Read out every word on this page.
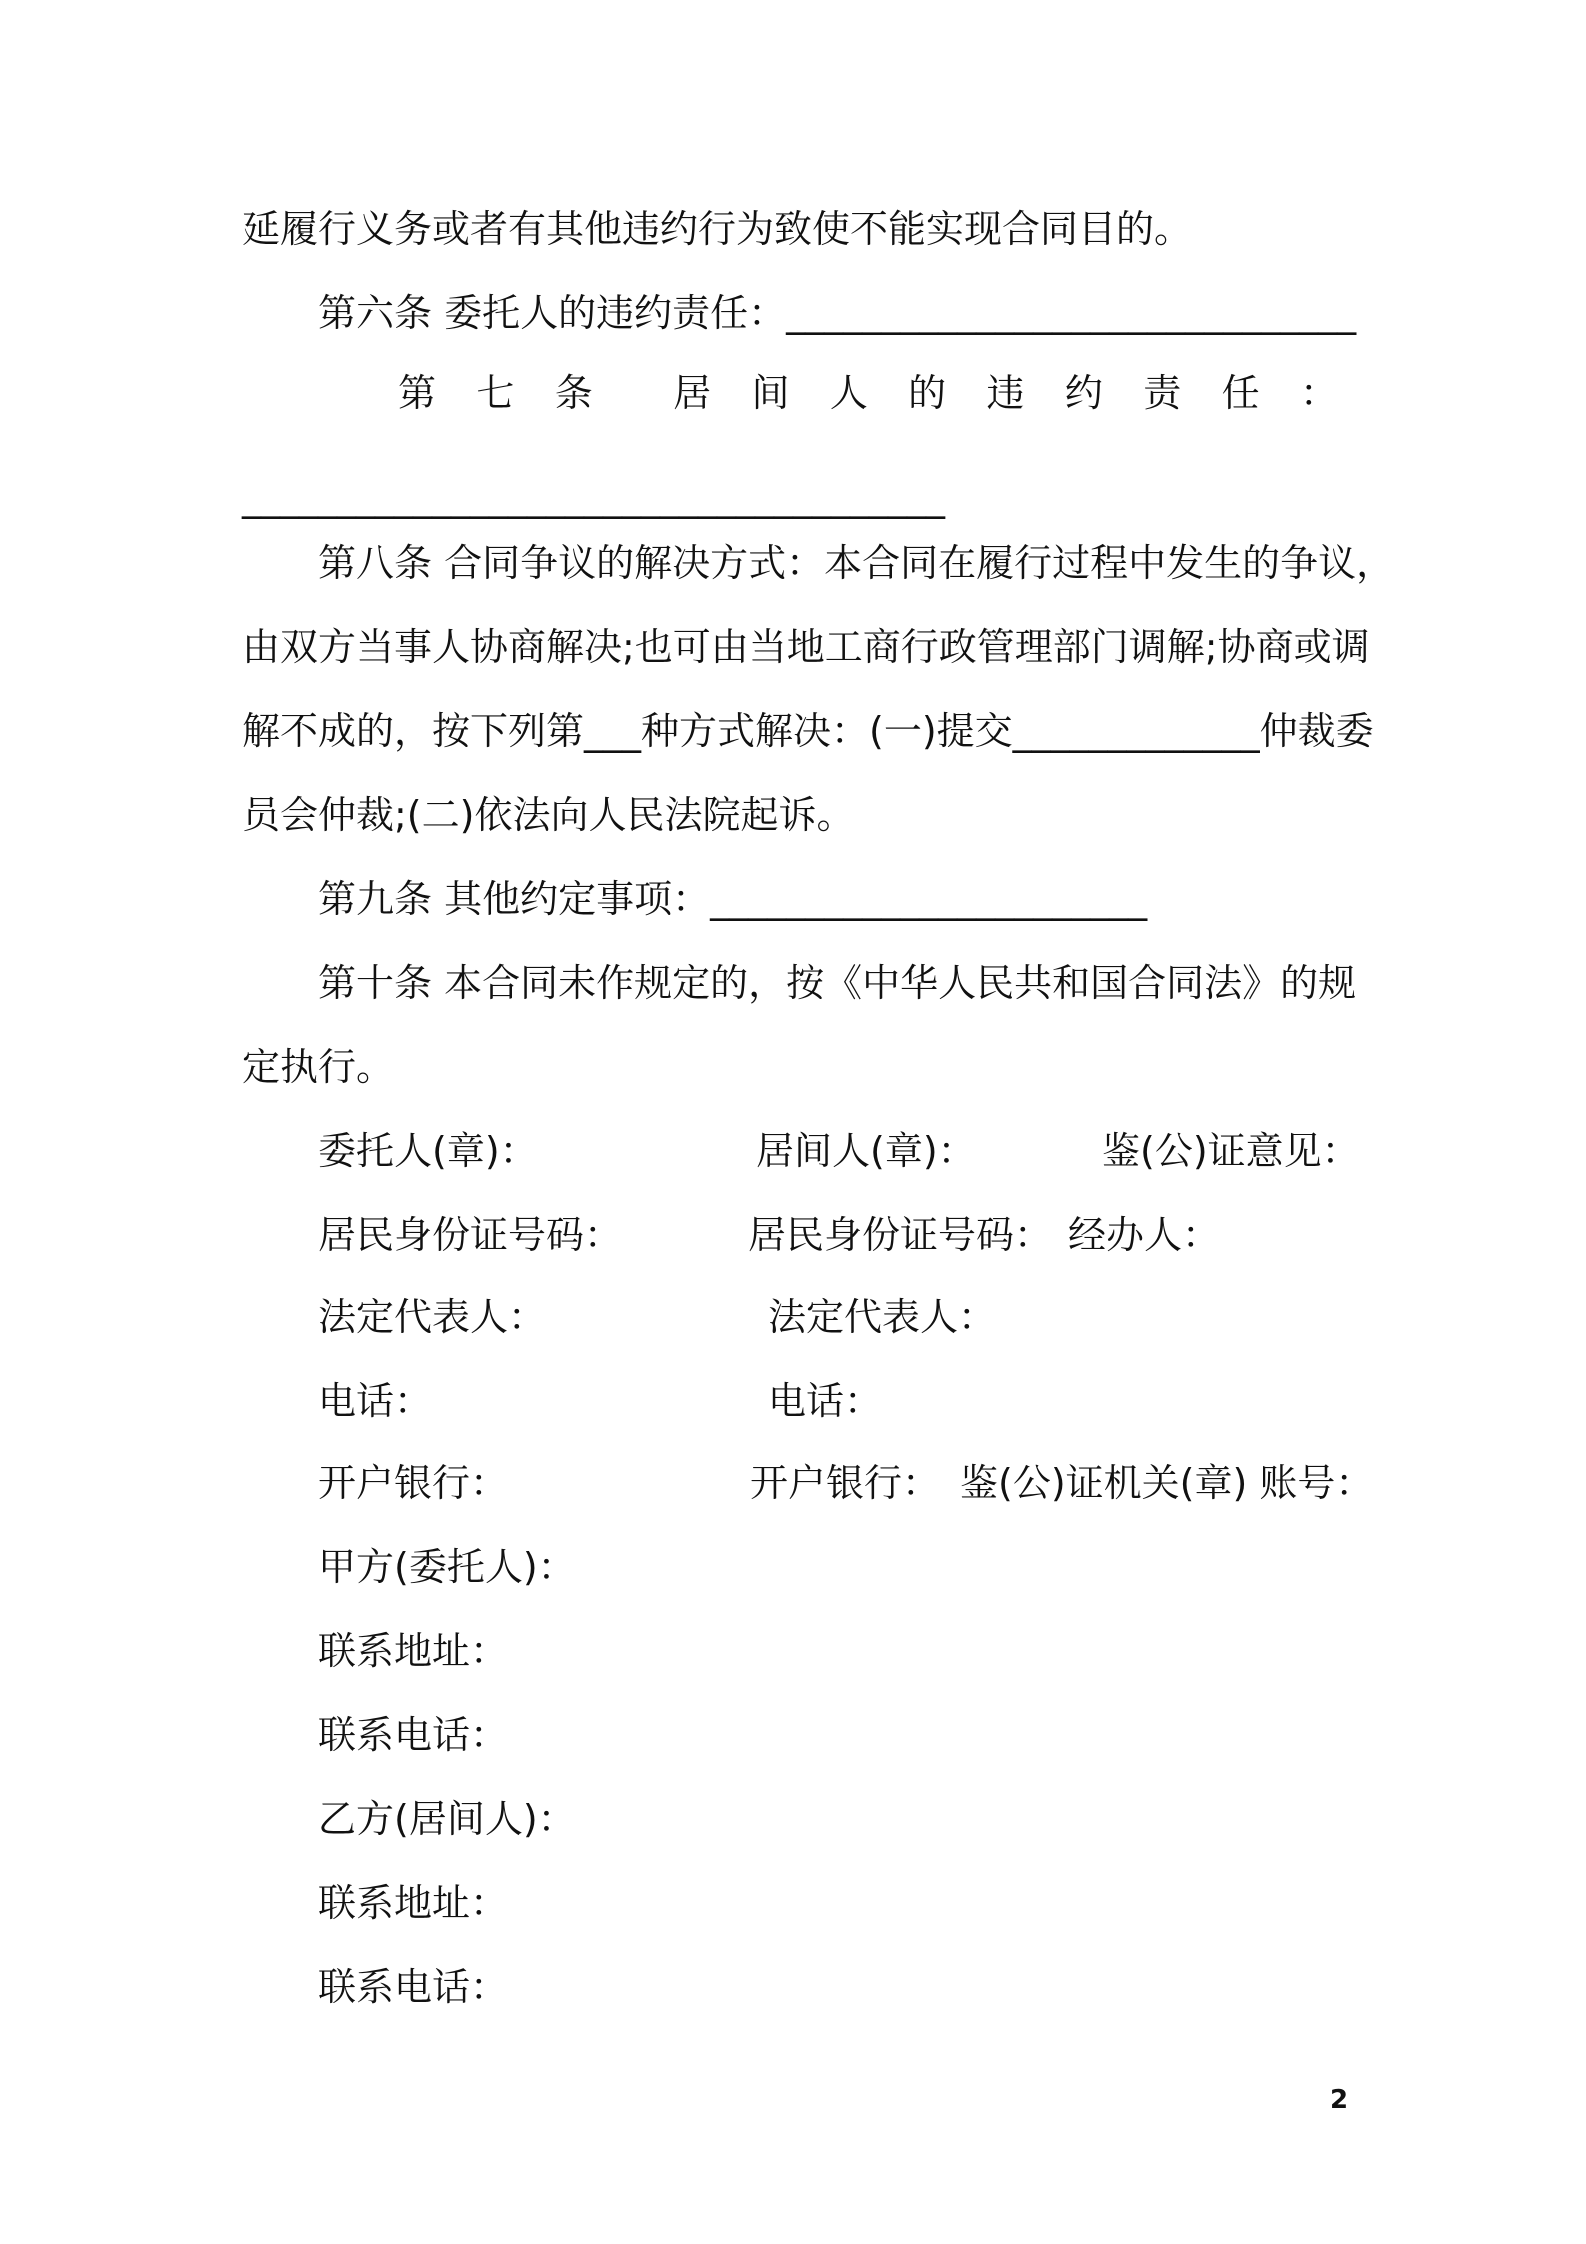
延履行义务或者有其他违约行为致使不能实现合同目的。
第六条 委托人的违约责任：______________________________
第 七 条 居 间 人 的 违 约 责 任 ：
_____________________________________
第八条 合同争议的解决方式：本合同在履行过程中发生的争议，
由双方当事人协商解决;也可由当地工商行政管理部门调解;协商或调
解不成的，按下列第___种方式解决：(一)提交_____________仲裁委
员会仲裁;(二)依法向人民法院起诉。
第九条 其他约定事项：_______________________
第十条 本合同未作规定的，按《中华人民共和国合同法》的规
定执行。
委托人(章)：	居间人(章)：	鉴(公)证意见：
居民身份证号码：	居民身份证号码： 经办人：
法定代表人：	法定代表人：
电话：	电话：
开户银行：	开户银行： 鉴(公)证机关(章) 账号：
甲方(委托人)：
联系地址：
联系电话：
乙方(居间人)：
联系地址：
联系电话：
2
